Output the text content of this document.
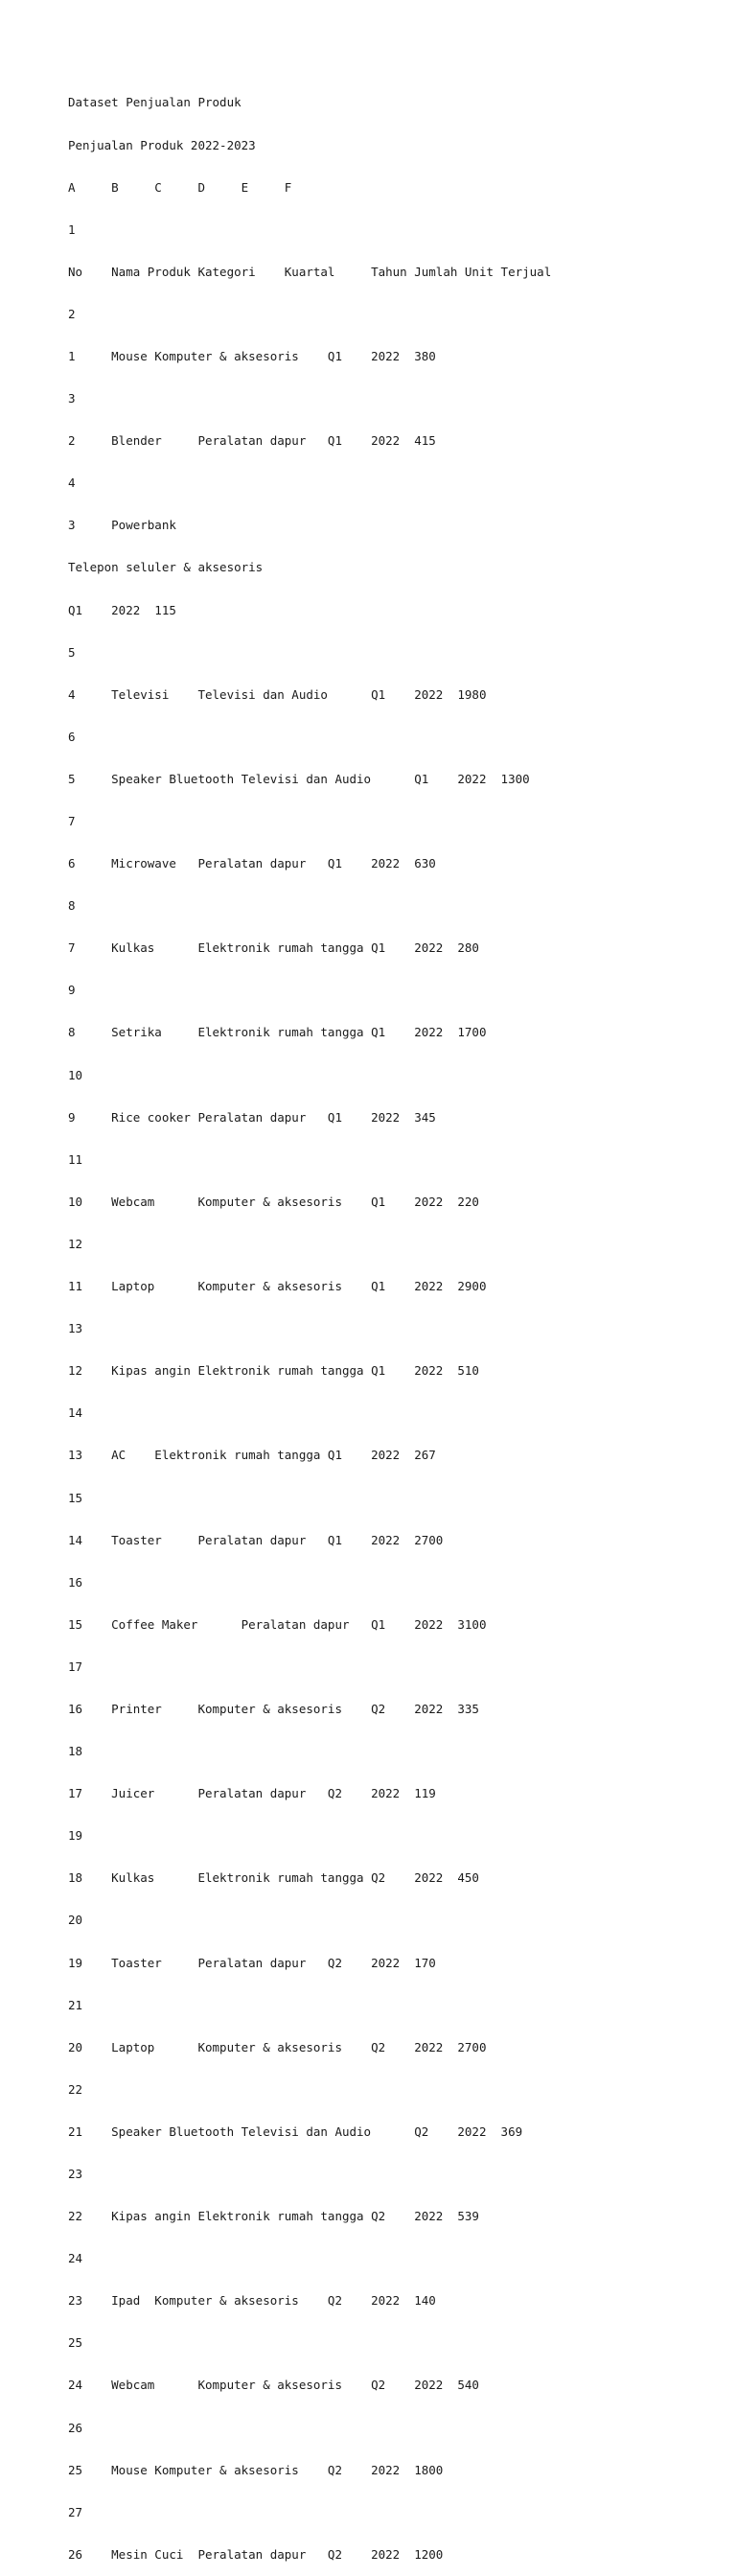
Dataset Penjualan Produk

Penjualan Produk 2022-2023

A     B     C     D     E     F

1

No    Nama Produk Kategori    Kuartal     Tahun Jumlah Unit Terjual

2

1     Mouse Komputer & aksesoris    Q1    2022  380

3

2     Blender     Peralatan dapur   Q1    2022  415

4

3     Powerbank

Telepon seluler & aksesoris

Q1    2022  115

5

4     Televisi    Televisi dan Audio      Q1    2022  1980

6

5     Speaker Bluetooth Televisi dan Audio      Q1    2022  1300

7

6     Microwave   Peralatan dapur   Q1    2022  630

8

7     Kulkas      Elektronik rumah tangga Q1    2022  280

9

8     Setrika     Elektronik rumah tangga Q1    2022  1700

10

9     Rice cooker Peralatan dapur   Q1    2022  345

11

10    Webcam      Komputer & aksesoris    Q1    2022  220

12

11    Laptop      Komputer & aksesoris    Q1    2022  2900

13

12    Kipas angin Elektronik rumah tangga Q1    2022  510

14

13    AC    Elektronik rumah tangga Q1    2022  267

15

14    Toaster     Peralatan dapur   Q1    2022  2700

16

15    Coffee Maker      Peralatan dapur   Q1    2022  3100

17

16    Printer     Komputer & aksesoris    Q2    2022  335

18

17    Juicer      Peralatan dapur   Q2    2022  119

19

18    Kulkas      Elektronik rumah tangga Q2    2022  450

20

19    Toaster     Peralatan dapur   Q2    2022  170

21

20    Laptop      Komputer & aksesoris    Q2    2022  2700

22

21    Speaker Bluetooth Televisi dan Audio      Q2    2022  369

23

22    Kipas angin Elektronik rumah tangga Q2    2022  539

24

23    Ipad  Komputer & aksesoris    Q2    2022  140

25

24    Webcam      Komputer & aksesoris    Q2    2022  540

26

25    Mouse Komputer & aksesoris    Q2    2022  1800

27

26    Mesin Cuci  Peralatan dapur   Q2    2022  1200
